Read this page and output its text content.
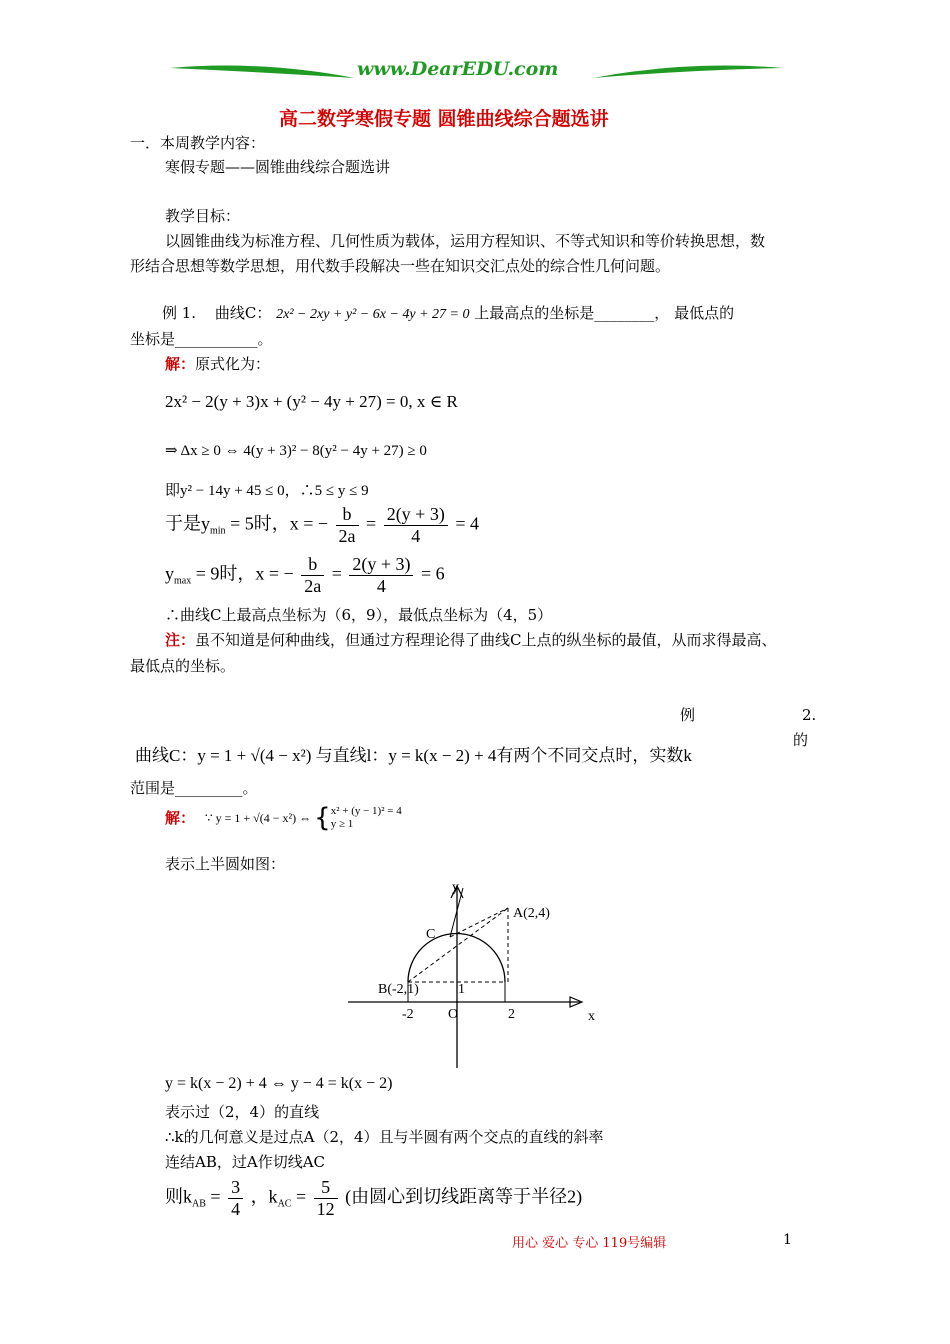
www.DearEDU.com
高二数学寒假专题 圆锥曲线综合题选讲
一．本周教学内容：
寒假专题——圆锥曲线综合题选讲
教学目标：
以圆锥曲线为标准方程、几何性质为载体，运用方程知识、不等式知识和等价转换思想，数
形结合思想等数学思想，用代数手段解决一些在知识交汇点处的综合性几何问题。
例 1. 曲线C： 2x² − 2xy + y² − 6x − 4y + 27 = 0 上最高点的坐标是________， 最低点的
坐标是___________。
解：原式化为：
2x² − 2(y + 3)x + (y² − 4y + 27) = 0, x ∈ R
⇒ Δx ≥ 0 ⇔ 4(y + 3)² − 8(y² − 4y + 27) ≥ 0
即y² − 14y + 45 ≤ 0，∴5 ≤ y ≤ 9
于是$y_{min} = 5$时，x = − $\frac{b}{2a} = \frac{2(y + 3)}{4} = 4$
$y_{max} = 9$时，x = − $\frac{b}{2a} = \frac{2(y + 3)}{4} = 6$
∴曲线C上最高点坐标为（6，9），最低点坐标为（4，5）
注：虽不知道是何种曲线，但通过方程理论得了曲线C上点的纵坐标的最值，从而求得最高、
最低点的坐标。
例	2.
曲线C：y = 1 + √(4 − x²) 与直线l：y = k(x − 2) + 4有两个不同交点时，实数k
的
范围是_________。
解： ∵ y = 1 + √(4 − x²) ⇔ { x² + (y − 1)² = 4
y ≥ 1
表示上半圆如图：
y
A(2,4)
C
B(-2,1)	1
-2 O	2	x
y = k(x − 2) + 4 ⇔ y − 4 = k(x − 2)
表示过（2，4）的直线
∴k的几何意义是过点A（2，4）且与半圆有两个交点的直线的斜率
连结AB，过A作切线AC
则$k_{AB} = \frac{3}{4}$ ，$k_{AC} = \frac{5}{12}$ (由圆心到切线距离等于半径2)
用心 爱心 专心 119号编辑	1
